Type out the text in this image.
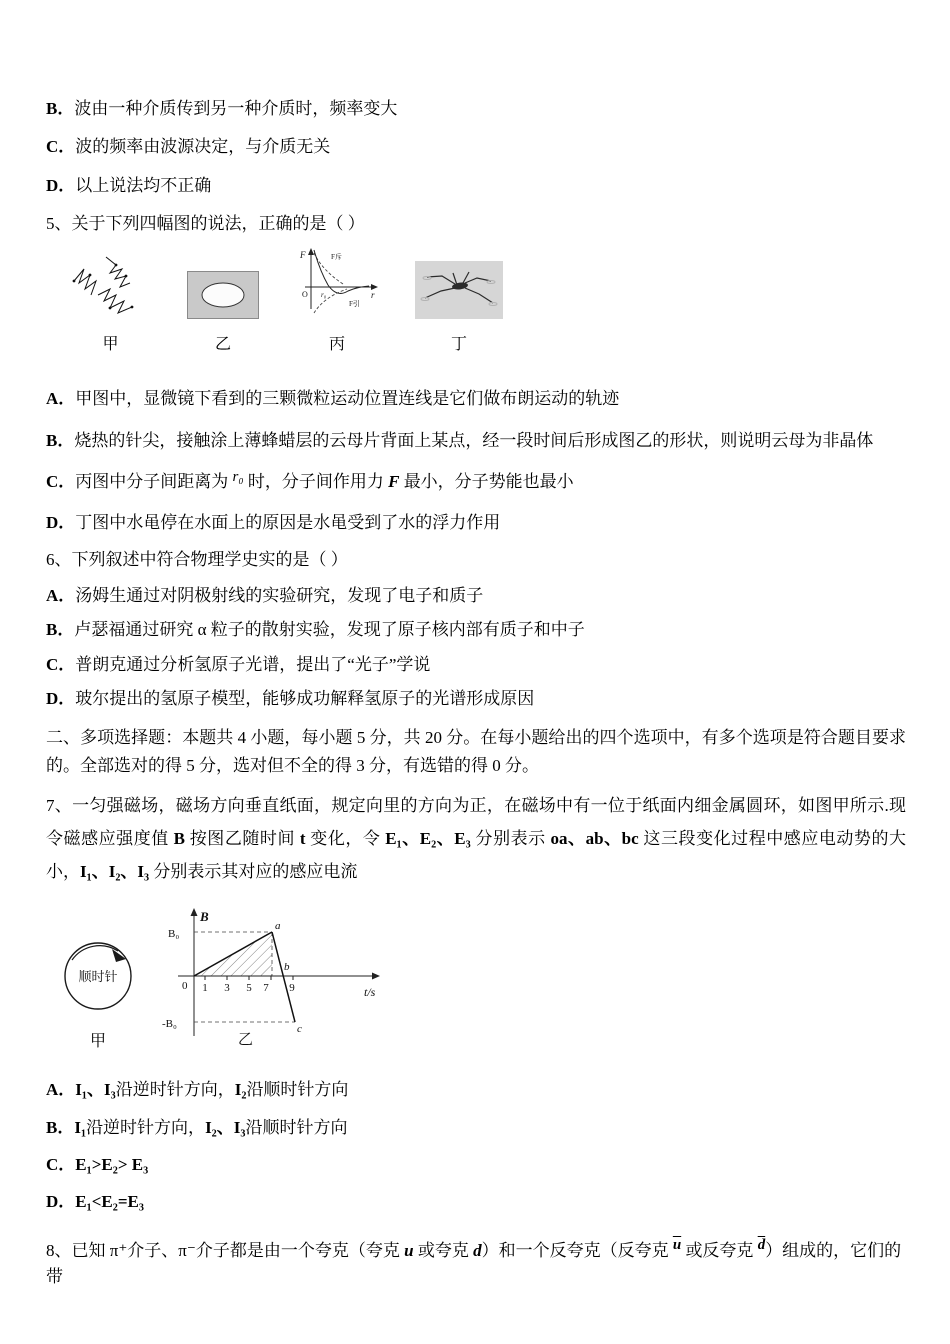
B．波由一种介质传到另一种介质时，频率变大

C．波的频率由波源决定，与介质无关

D．以上说法均不正确

5、关于下列四幅图的说法，正确的是（ ）

甲	乙
F
O	r
F斥
F引
r₀
丙	丁

A．甲图中，显微镜下看到的三颗微粒运动位置连线是它们做布朗运动的轨迹

B．烧热的针尖，接触涂上薄蜂蜡层的云母片背面上某点，经一段时间后形成图乙的形状，则说明云母为非晶体

C．丙图中分子间距离为 r₀ 时，分子间作用力 F 最小，分子势能也最小

D．丁图中水黾停在水面上的原因是水黾受到了水的浮力作用

6、下列叙述中符合物理学史实的是（ ）

A．汤姆生通过对阴极射线的实验研究，发现了电子和质子

B．卢瑟福通过研究 α 粒子的散射实验，发现了原子核内部有质子和中子

C．普朗克通过分析氢原子光谱，提出了“光子”学说

D．玻尔提出的氢原子模型，能够成功解释氢原子的光谱形成原因

二、多项选择题：本题共 4 小题，每小题 5 分，共 20 分。在每小题给出的四个选项中，有多个选项是符合题目要求的。全部选对的得 5 分，选对但不全的得 3 分，有选错的得 0 分。

7、一匀强磁场，磁场方向垂直纸面，规定向里的方向为正，在磁场中有一位于纸面内细金属圆环，如图甲所示.现令磁感应强度值 B 按图乙随时间 t 变化，令 E₁、E₂、E₃ 分别表示 oa、ab、bc 这三段变化过程中感应电动势的大小，I₁、I₂、I₃ 分别表示其对应的感应电流

顺时针
甲
B
B₀
-B₀
0	t/s
1 3 5 7 9
a
b
c
乙

A．I₁、I₃沿逆时针方向，I₂沿顺时针方向

B．I₁沿逆时针方向，I₂、I₃沿顺时针方向

C．E₁>E₂> E₃

D．E₁<E₂=E₃

8、已知 π⁺介子、π⁻介子都是由一个夸克（夸克 u 或夸克 d）和一个反夸克（反夸克 $\overline{u}$ 或反夸克 $\overline{d}$）组成的，它们的带
